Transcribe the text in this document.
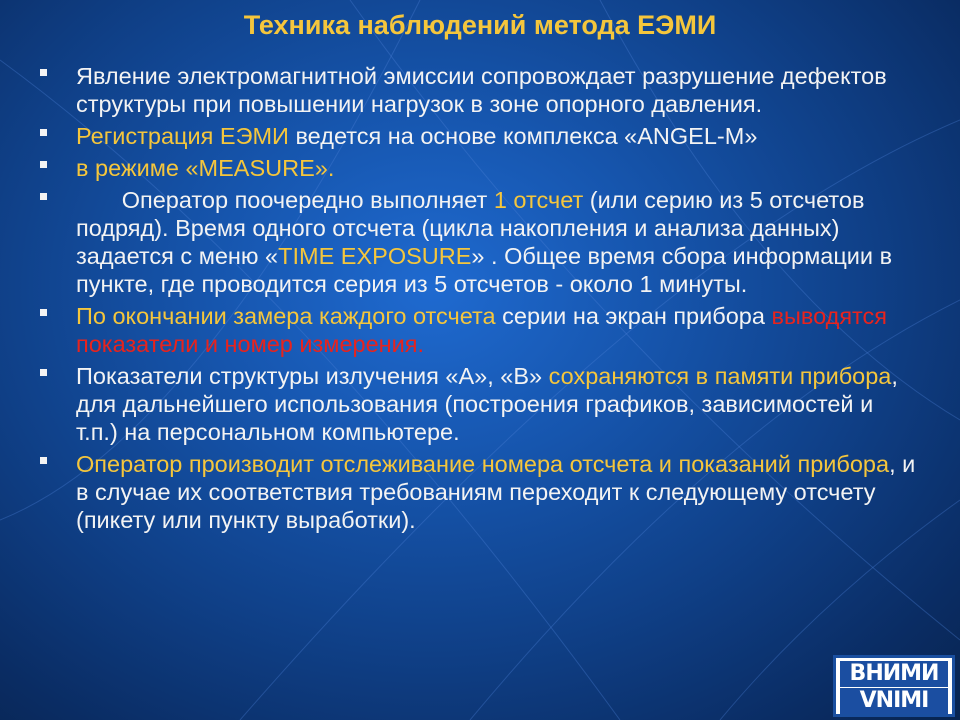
Техника наблюдений метода ЕЭМИ
Явление электромагнитной эмиссии сопровождает разрушение дефектов структуры при повышении нагрузок в зоне опорного давления.
Регистрация ЕЭМИ ведется на основе комплекса «ANGEL-M»
в режиме «MEASURE».
Оператор поочередно выполняет 1 отсчет (или серию из 5 отсчетов подряд). Время одного отсчета (цикла накопления и анализа данных) задается с меню «TIME EXPOSURE» . Общее время сбора информации в пункте, где проводится серия из 5 отсчетов - около 1 минуты.
По окончании замера каждого отсчета серии на экран прибора выводятся показатели и номер измерения.
Показатели структуры излучения «A», «B» сохраняются в памяти прибора, для дальнейшего использования (построения графиков, зависимостей и т.п.) на персональном компьютере.
Оператор производит отслеживание номера отсчета и показаний прибора, и в случае их соответствия требованиям переходит к следующему отсчету (пикету или пункту выработки).
ВНИМИ
VNIMI
